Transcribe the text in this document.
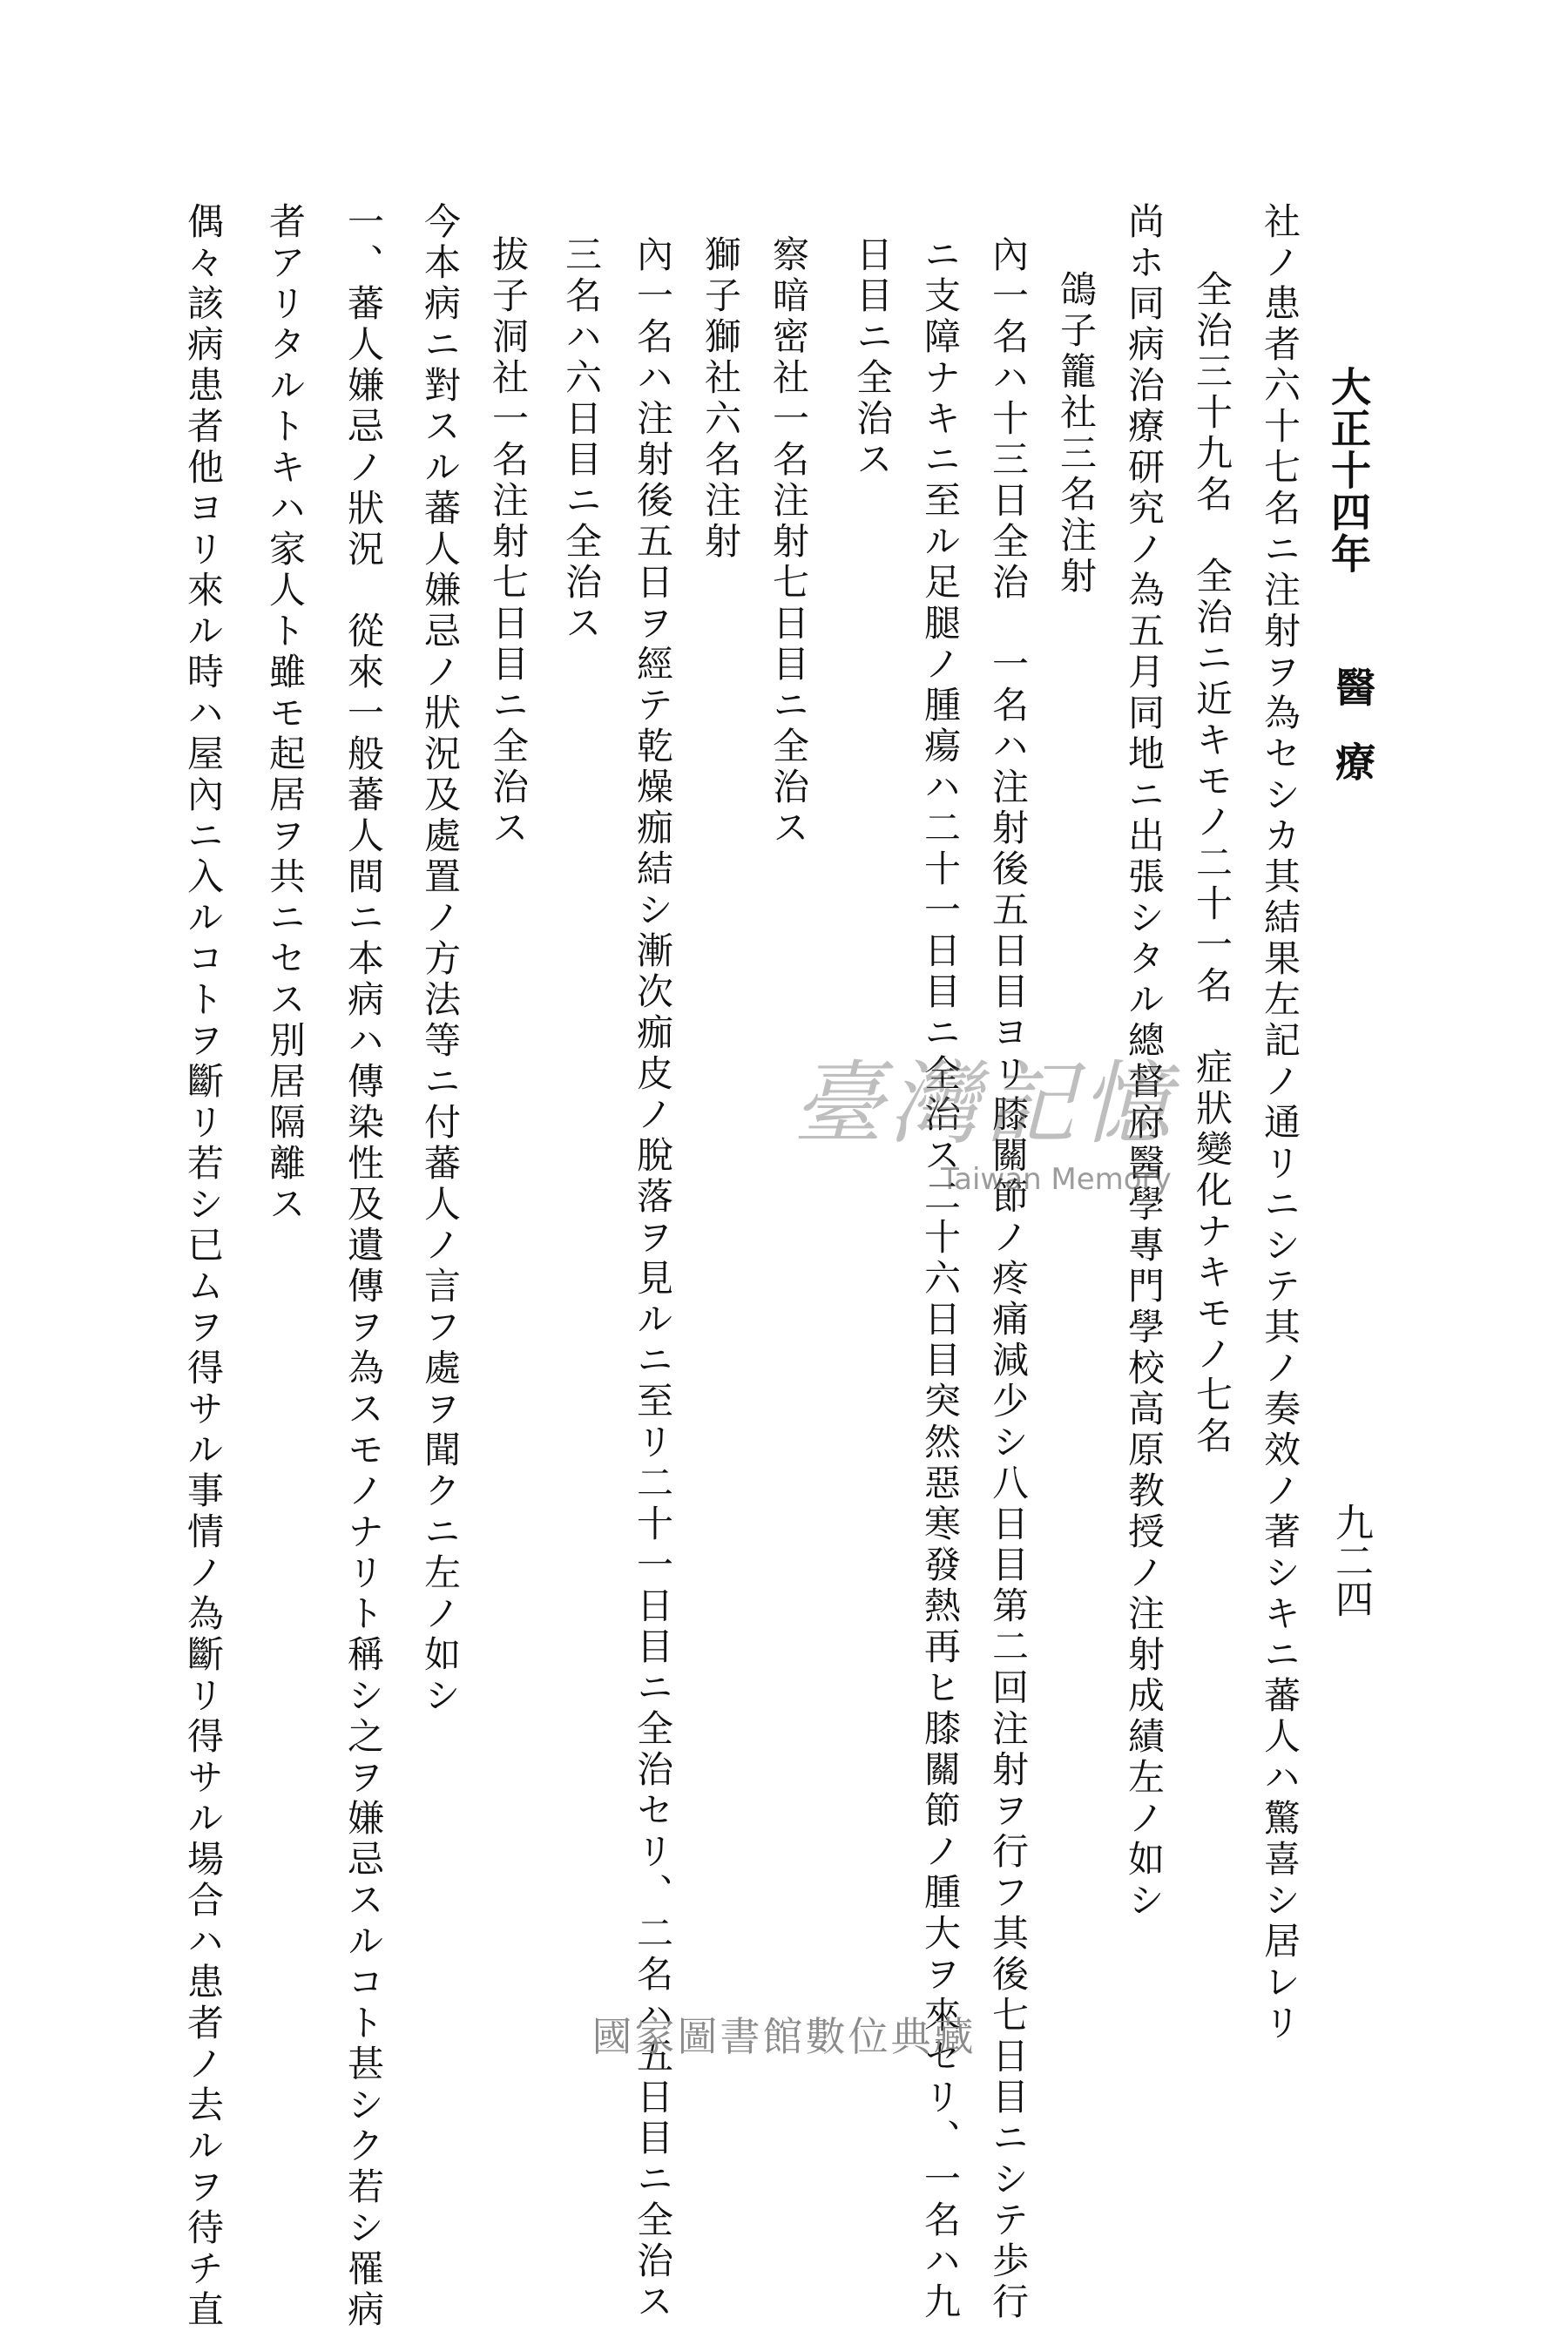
大正十四年
醫療
九二四
社ノ患者六十七名ニ注射ヲ為セシカ其結果左記ノ通リニシテ其ノ奏效ノ著シキニ蕃人ハ驚喜シ居レリ
全治三十九名　全治ニ近キモノ二十一名　症狀變化ナキモノ七名
尚ホ同病治療研究ノ為五月同地ニ出張シタル總督府醫學專門學校高原教授ノ注射成績左ノ如シ
鴿子籠社三名注射
內一名ハ十三日全治　一名ハ注射後五日目ヨリ膝關節ノ疼痛減少シ八日目第二回注射ヲ行フ其後七日目ニシテ歩行
ニ支障ナキニ至ル足腿ノ腫瘍ハ二十一日目ニ全治ス二十六日目突然惡寒發熱再ヒ膝關節ノ腫大ヲ來セリ、一名ハ九
日目ニ全治ス
察暗密社一名注射七日目ニ全治ス
獅子獅社六名注射
內一名ハ注射後五日ヲ經テ乾燥痂結シ漸次痂皮ノ脫落ヲ見ルニ至リ二十一日目ニ全治セリ、二名ハ五日目ニ全治ス
三名ハ六日目ニ全治ス
拔子洞社一名注射七日目ニ全治ス
今本病ニ對スル蕃人嫌忌ノ狀況及處置ノ方法等ニ付蕃人ノ言フ處ヲ聞クニ左ノ如シ
一、蕃人嫌忌ノ狀況　從來一般蕃人間ニ本病ハ傳染性及遺傳ヲ為スモノナリト稱シ之ヲ嫌忌スルコト甚シク若シ罹病
者アリタルトキハ家人ト雖モ起居ヲ共ニセス別居隔離ス
偶々該病患者他ヨリ來ル時ハ屋內ニ入ルコトヲ斷リ若シ已ムヲ得サル事情ノ為斷リ得サル場合ハ患者ノ去ルヲ待チ直	臺灣記憶
Taiwan Memory
國家圖書館數位典藏
